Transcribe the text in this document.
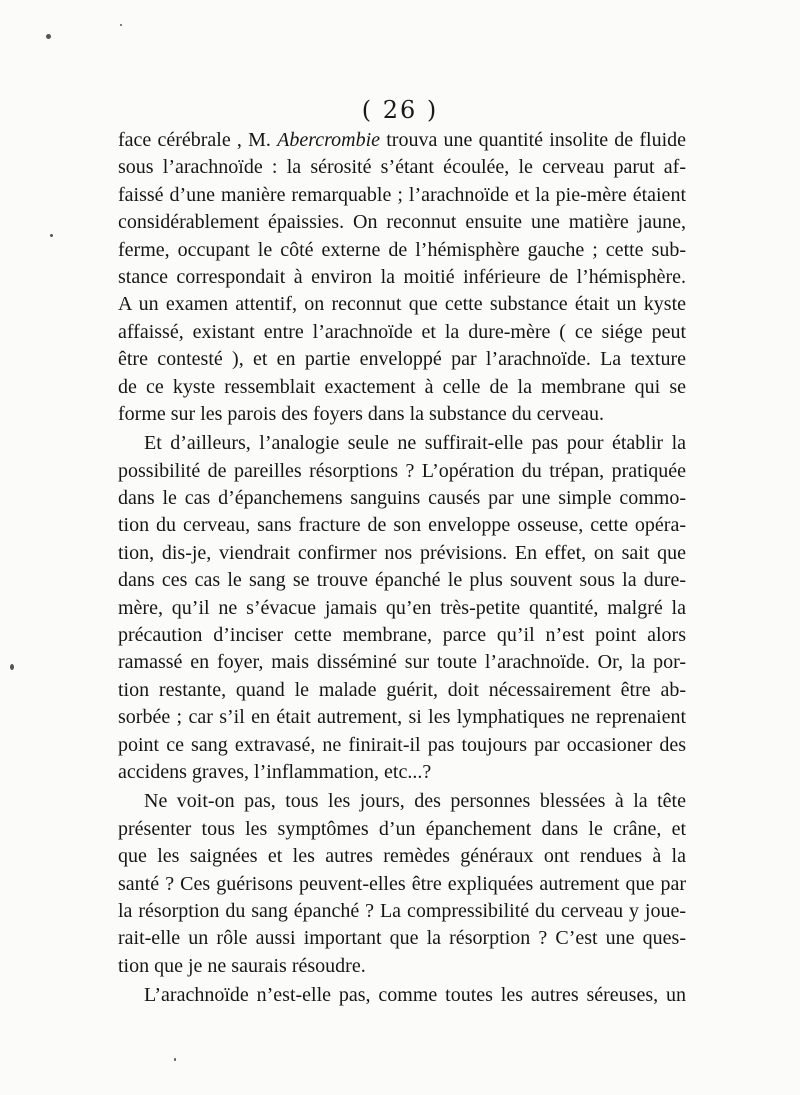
( 26 )
face cérébrale , M. Abercrombie trouva une quantité insolite de fluide
sous l’arachnoïde : la sérosité s’étant écoulée, le cerveau parut af-
faissé d’une manière remarquable ; l’arachnoïde et la pie-mère étaient
considérablement épaissies. On reconnut ensuite une matière jaune,
ferme, occupant le côté externe de l’hémisphère gauche ; cette sub-
stance correspondait à environ la moitié inférieure de l’hémisphère.
A un examen attentif, on reconnut que cette substance était un kyste
affaissé, existant entre l’arachnoïde et la dure-mère ( ce siége peut
être contesté ), et en partie enveloppé par l’arachnoïde. La texture
de ce kyste ressemblait exactement à celle de la membrane qui se
forme sur les parois des foyers dans la substance du cerveau.
Et d’ailleurs, l’analogie seule ne suffirait-elle pas pour établir la
possibilité de pareilles résorptions ? L’opération du trépan, pratiquée
dans le cas d’épanchemens sanguins causés par une simple commo-
tion du cerveau, sans fracture de son enveloppe osseuse, cette opéra-
tion, dis-je, viendrait confirmer nos prévisions. En effet, on sait que
dans ces cas le sang se trouve épanché le plus souvent sous la dure-
mère, qu’il ne s’évacue jamais qu’en très-petite quantité, malgré la
précaution d’inciser cette membrane, parce qu’il n’est point alors
ramassé en foyer, mais disséminé sur toute l’arachnoïde. Or, la por-
tion restante, quand le malade guérit, doit nécessairement être ab-
sorbée ; car s’il en était autrement, si les lymphatiques ne reprenaient
point ce sang extravasé, ne finirait-il pas toujours par occasioner des
accidens graves, l’inflammation, etc...?
Ne voit-on pas, tous les jours, des personnes blessées à la tête
présenter tous les symptômes d’un épanchement dans le crâne, et
que les saignées et les autres remèdes généraux ont rendues à la
santé ? Ces guérisons peuvent-elles être expliquées autrement que par
la résorption du sang épanché ? La compressibilité du cerveau y joue-
rait-elle un rôle aussi important que la résorption ? C’est une ques-
tion que je ne saurais résoudre.
L’arachnoïde n’est-elle pas, comme toutes les autres séreuses, un
